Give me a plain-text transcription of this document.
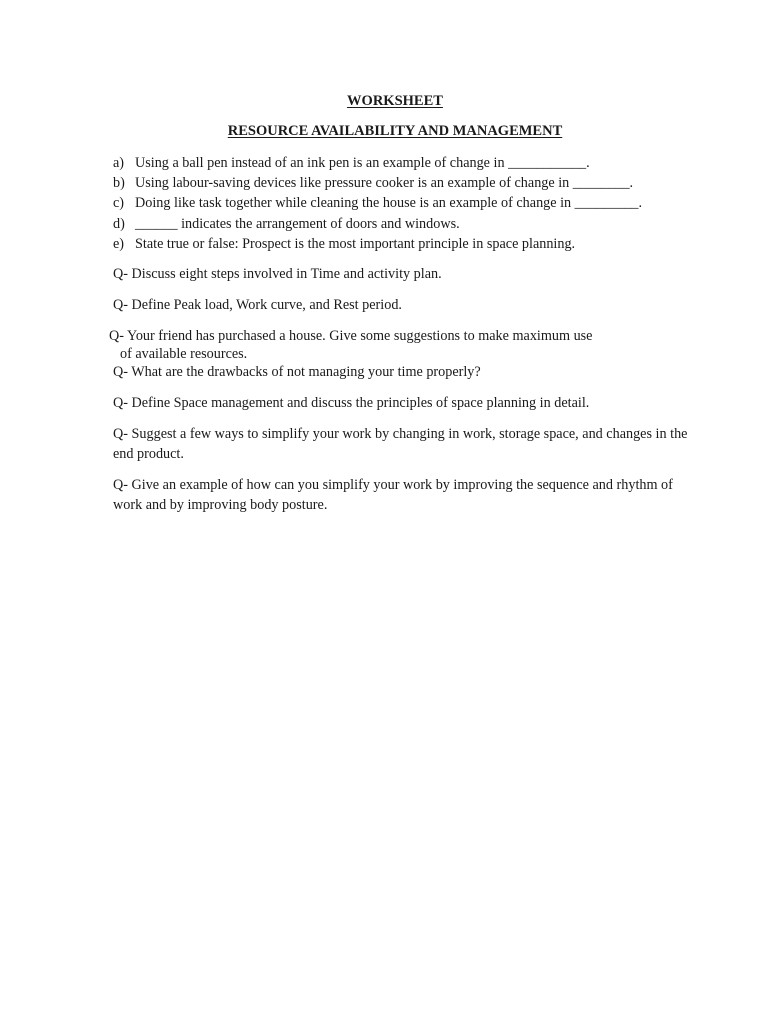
WORKSHEET
RESOURCE AVAILABILITY AND MANAGEMENT
a) Using a ball pen instead of an ink pen is an example of change in ___________.
b) Using labour-saving devices like pressure cooker is an example of change in ________.
c) Doing like task together while cleaning the house is an example of change in _________.
d) ______ indicates the arrangement of doors and windows.
e) State true or false: Prospect is the most important principle in space planning.

Q- Discuss eight steps involved in Time and activity plan.

Q- Define Peak load, Work curve, and Rest period.

Q- Your friend has purchased a house. Give some suggestions to make maximum use
of available resources.

Q- What are the drawbacks of not managing your time properly?

Q- Define Space management and discuss the principles of space planning in detail.

Q- Suggest a few ways to simplify your work by changing in work, storage space, and changes in the end product.

Q- Give an example of how can you simplify your work by improving the sequence and rhythm of work and by improving body posture.
